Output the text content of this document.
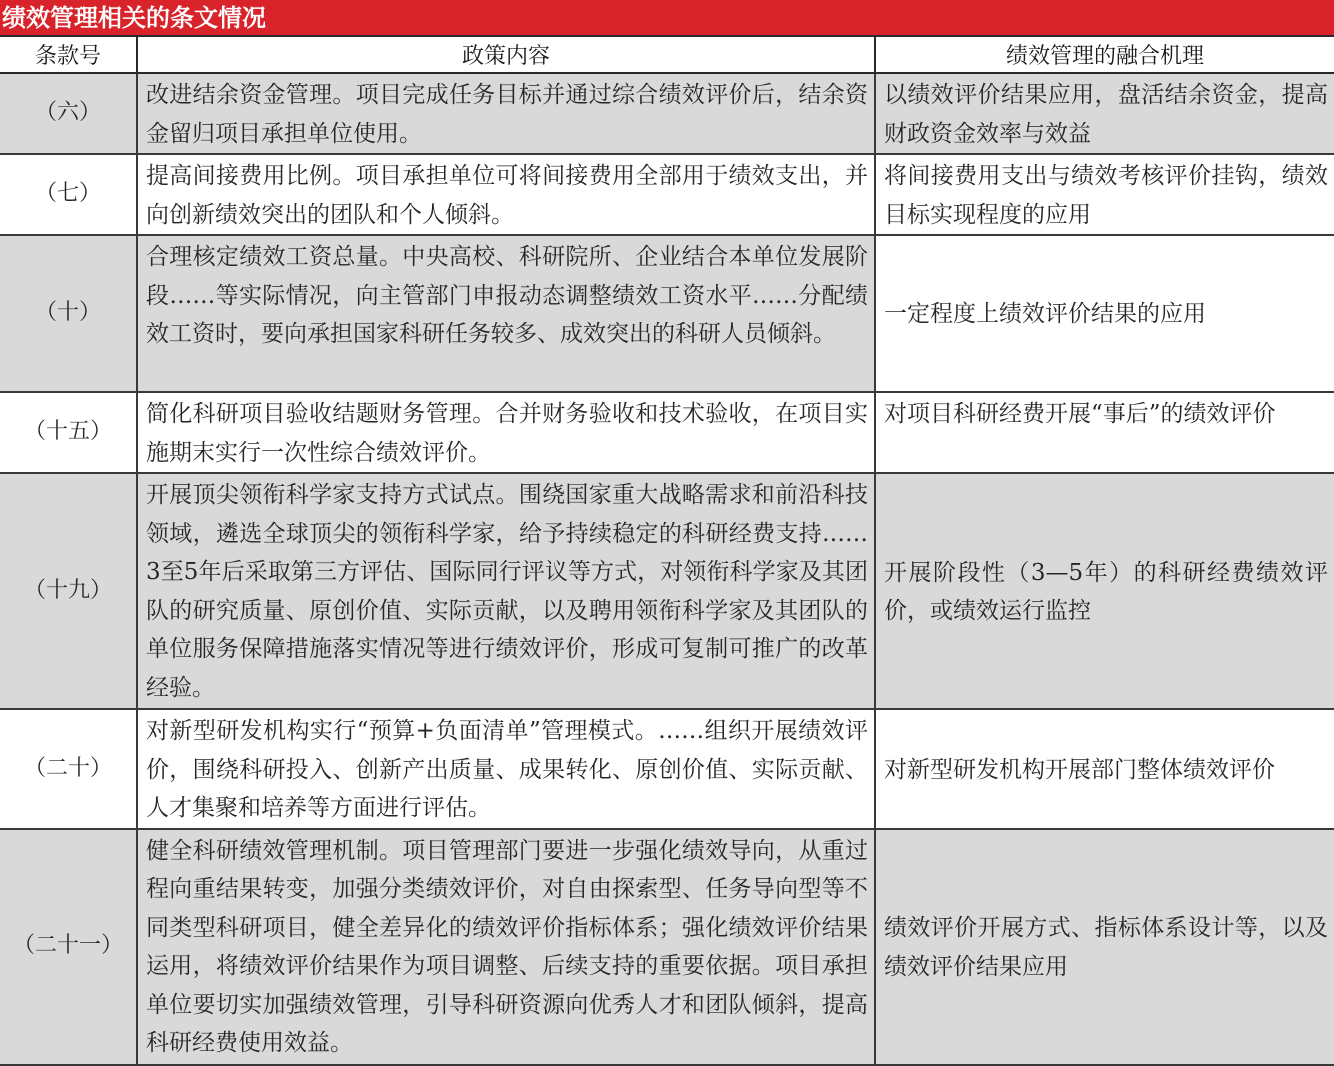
绩效管理相关的条文情况
条款号	政策内容	绩效管理的融合机理
（六）	改进结余资金管理。项目完成任务目标并通过综合绩效评价后，结余资金留归项目承担单位使用。	以绩效评价结果应用，盘活结余资金，提高财政资金效率与效益
（七）	提高间接费用比例。项目承担单位可将间接费用全部用于绩效支出，并向创新绩效突出的团队和个人倾斜。	将间接费用支出与绩效考核评价挂钩，绩效目标实现程度的应用
（十）	合理核定绩效工资总量。中央高校、科研院所、企业结合本单位发展阶段……等实际情况，向主管部门申报动态调整绩效工资水平……分配绩效工资时，要向承担国家科研任务较多、成效突出的科研人员倾斜。	一定程度上绩效评价结果的应用
（十五）	简化科研项目验收结题财务管理。合并财务验收和技术验收，在项目实施期末实行一次性综合绩效评价。	对项目科研经费开展“事后”的绩效评价
（十九）	开展顶尖领衔科学家支持方式试点。围绕国家重大战略需求和前沿科技领域，遴选全球顶尖的领衔科学家，给予持续稳定的科研经费支持……3至5年后采取第三方评估、国际同行评议等方式，对领衔科学家及其团队的研究质量、原创价值、实际贡献，以及聘用领衔科学家及其团队的单位服务保障措施落实情况等进行绩效评价，形成可复制可推广的改革经验。	开展阶段性（3—5年）的科研经费绩效评价，或绩效运行监控
（二十）	对新型研发机构实行“预算+负面清单”管理模式。……组织开展绩效评价，围绕科研投入、创新产出质量、成果转化、原创价值、实际贡献、人才集聚和培养等方面进行评估。	对新型研发机构开展部门整体绩效评价
（二十一）	健全科研绩效管理机制。项目管理部门要进一步强化绩效导向，从重过程向重结果转变，加强分类绩效评价，对自由探索型、任务导向型等不同类型科研项目，健全差异化的绩效评价指标体系；强化绩效评价结果运用，将绩效评价结果作为项目调整、后续支持的重要依据。项目承担单位要切实加强绩效管理，引导科研资源向优秀人才和团队倾斜，提高科研经费使用效益。	绩效评价开展方式、指标体系设计等，以及绩效评价结果应用
